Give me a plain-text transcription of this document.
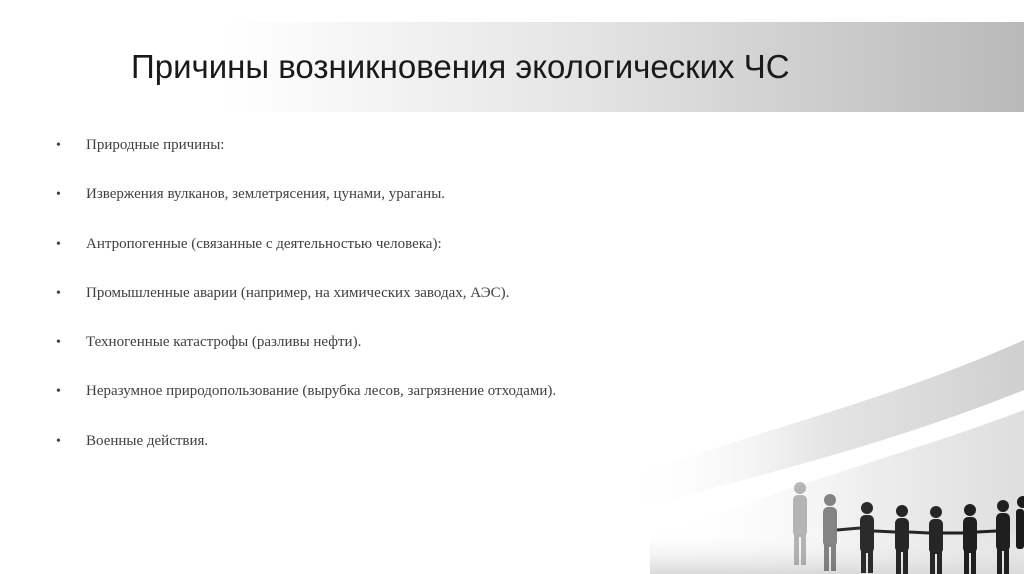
Причины возникновения экологических ЧС
•	Природные причины:
•	Извержения вулканов, землетрясения, цунами, ураганы.
•	Антропогенные (связанные с деятельностью человека):
•	Промышленные аварии (например, на химических заводах, АЭС).
•	Техногенные катастрофы (разливы нефти).
•	Неразумное природопользование (вырубка лесов, загрязнение отходами).
•	Военные действия.
